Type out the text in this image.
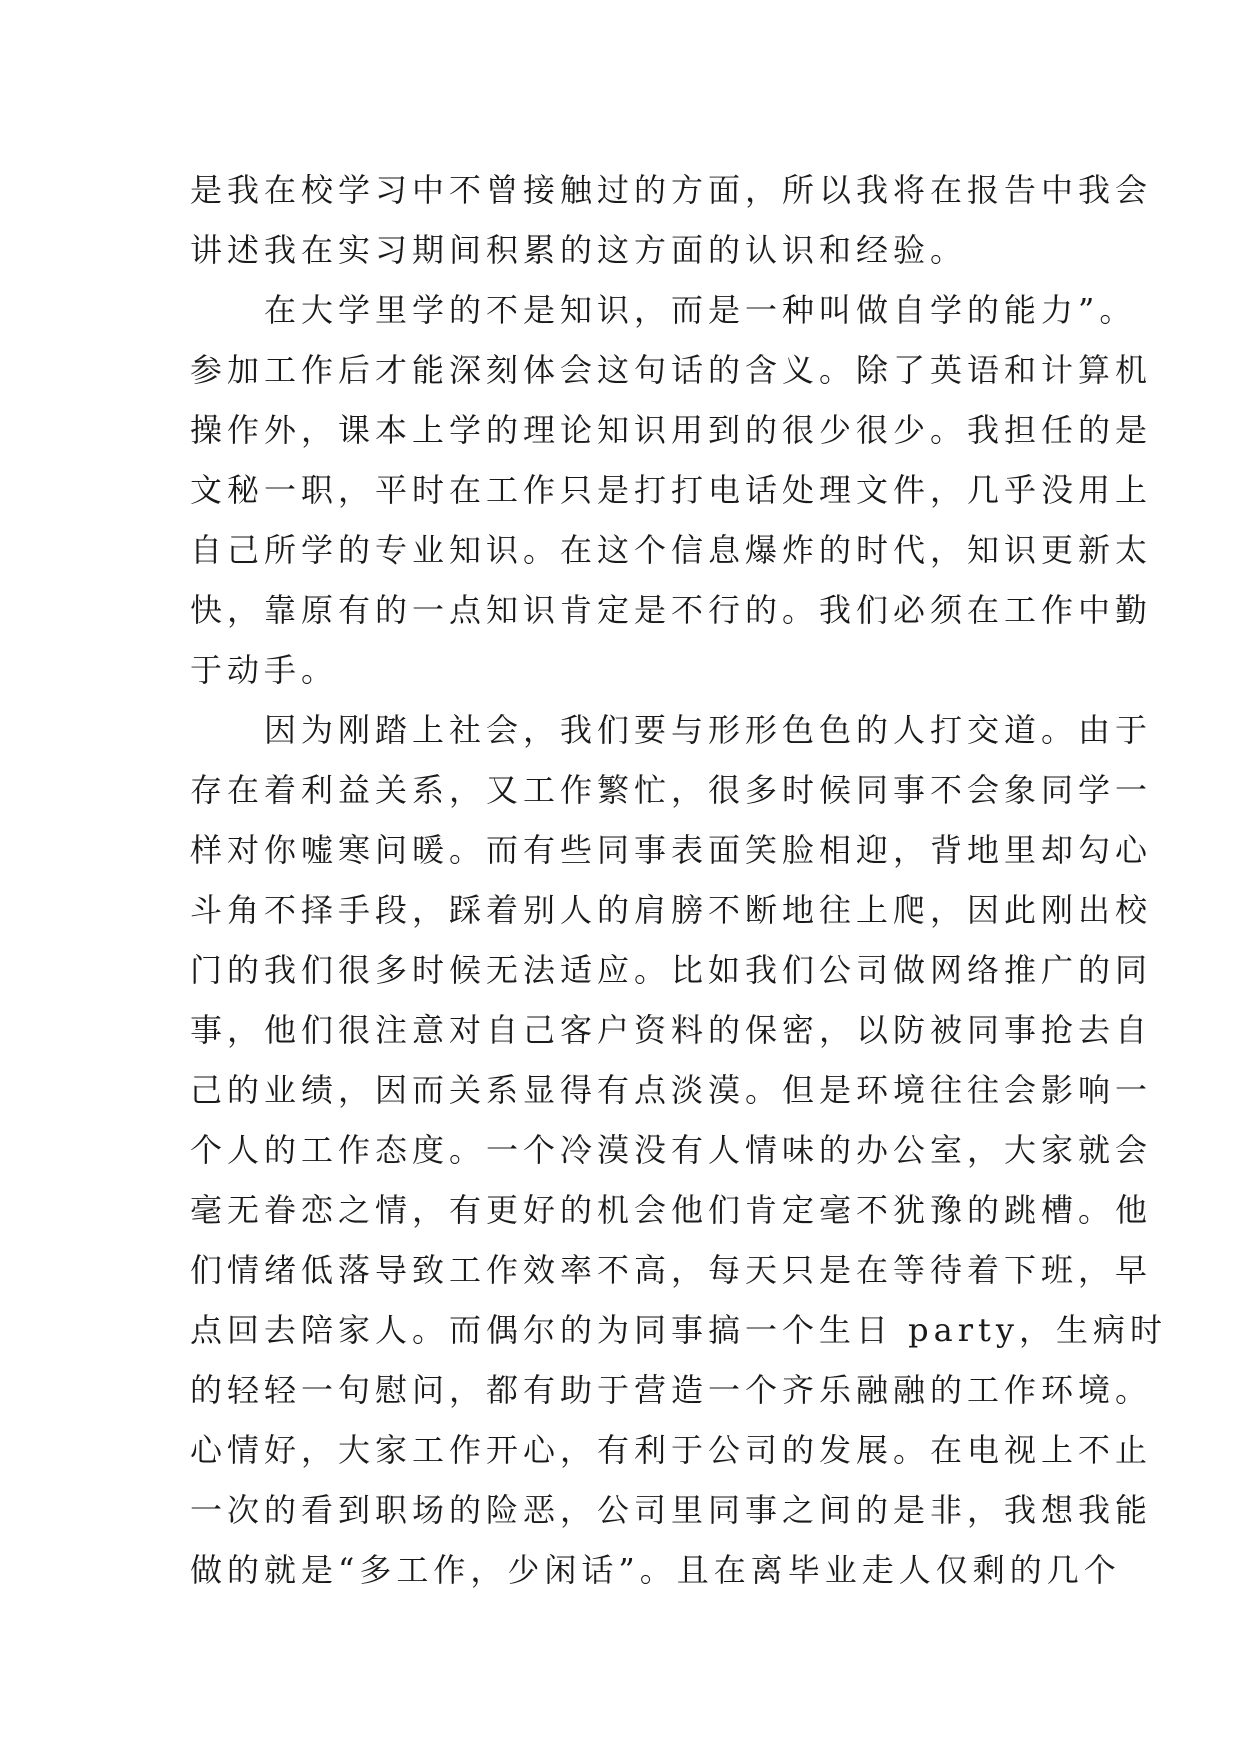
是我在校学习中不曾接触过的方面，所以我将在报告中我会
讲述我在实习期间积累的这方面的认识和经验。
在大学里学的不是知识，而是一种叫做自学的能力”。
参加工作后才能深刻体会这句话的含义。除了英语和计算机
操作外，课本上学的理论知识用到的很少很少。我担任的是
文秘一职，平时在工作只是打打电话处理文件，几乎没用上
自己所学的专业知识。在这个信息爆炸的时代，知识更新太
快，靠原有的一点知识肯定是不行的。我们必须在工作中勤
于动手。
因为刚踏上社会，我们要与形形色色的人打交道。由于
存在着利益关系，又工作繁忙，很多时候同事不会象同学一
样对你嘘寒问暖。而有些同事表面笑脸相迎，背地里却勾心
斗角不择手段，踩着别人的肩膀不断地往上爬，因此刚出校
门的我们很多时候无法适应。比如我们公司做网络推广的同
事，他们很注意对自己客户资料的保密，以防被同事抢去自
己的业绩，因而关系显得有点淡漠。但是环境往往会影响一
个人的工作态度。一个冷漠没有人情味的办公室，大家就会
毫无眷恋之情，有更好的机会他们肯定毫不犹豫的跳槽。他
们情绪低落导致工作效率不高，每天只是在等待着下班，早
点回去陪家人。而偶尔的为同事搞一个生日 party，生病时
的轻轻一句慰问，都有助于营造一个齐乐融融的工作环境。
心情好，大家工作开心，有利于公司的发展。在电视上不止
一次的看到职场的险恶，公司里同事之间的是非，我想我能
做的就是“多工作，少闲话”。且在离毕业走人仅剩的几个
